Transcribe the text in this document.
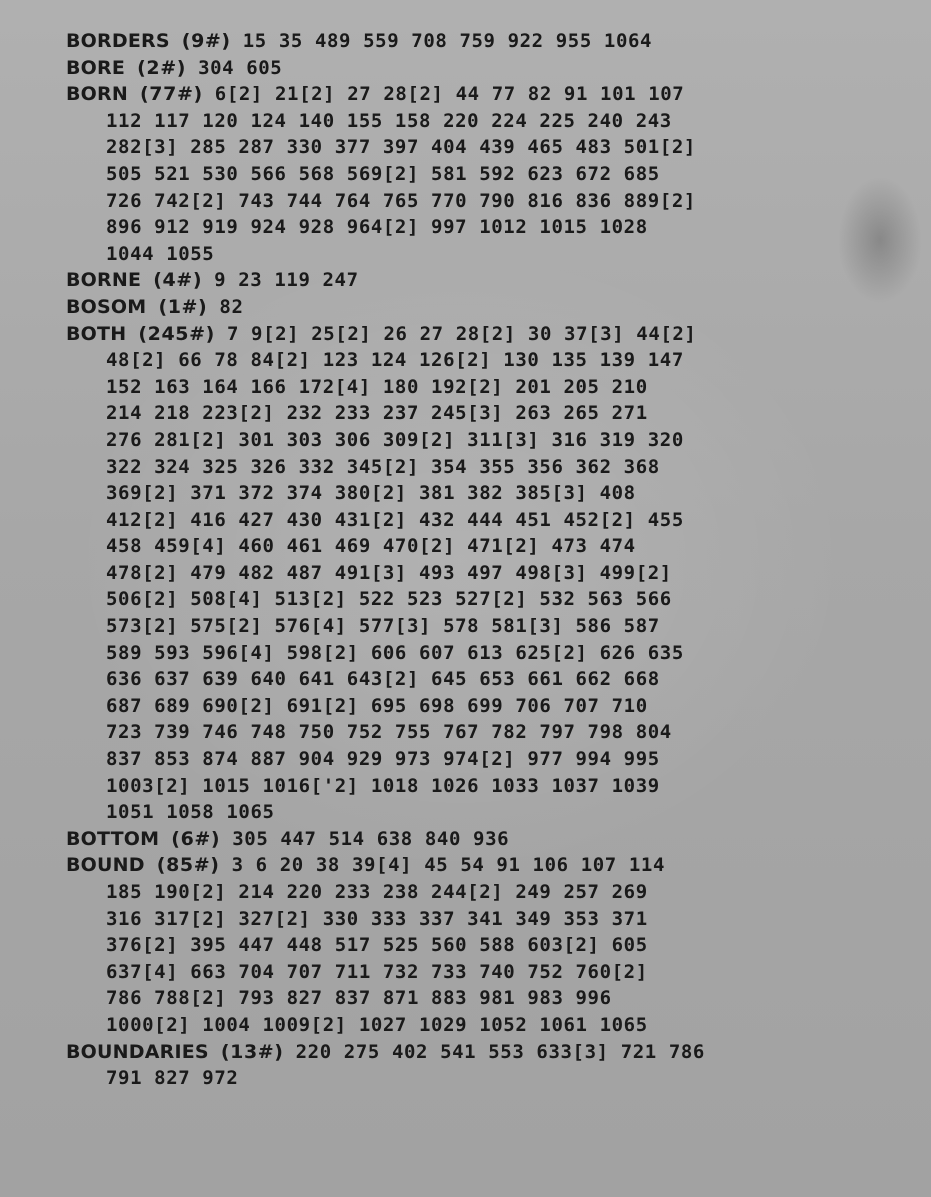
BORDERS (9#) 15 35 489 559 708 759 922 955 1064
BORE (2#) 304 605
BORN (77#) 6[2] 21[2] 27 28[2] 44 77 82 91 101 107
112 117 120 124 140 155 158 220 224 225 240 243
282[3] 285 287 330 377 397 404 439 465 483 501[2]
505 521 530 566 568 569[2] 581 592 623 672 685
726 742[2] 743 744 764 765 770 790 816 836 889[2]
896 912 919 924 928 964[2] 997 1012 1015 1028
1044 1055
BORNE (4#) 9 23 119 247
BOSOM (1#) 82
BOTH (245#) 7 9[2] 25[2] 26 27 28[2] 30 37[3] 44[2]
48[2] 66 78 84[2] 123 124 126[2] 130 135 139 147
152 163 164 166 172[4] 180 192[2] 201 205 210
214 218 223[2] 232 233 237 245[3] 263 265 271
276 281[2] 301 303 306 309[2] 311[3] 316 319 320
322 324 325 326 332 345[2] 354 355 356 362 368
369[2] 371 372 374 380[2] 381 382 385[3] 408
412[2] 416 427 430 431[2] 432 444 451 452[2] 455
458 459[4] 460 461 469 470[2] 471[2] 473 474
478[2] 479 482 487 491[3] 493 497 498[3] 499[2]
506[2] 508[4] 513[2] 522 523 527[2] 532 563 566
573[2] 575[2] 576[4] 577[3] 578 581[3] 586 587
589 593 596[4] 598[2] 606 607 613 625[2] 626 635
636 637 639 640 641 643[2] 645 653 661 662 668
687 689 690[2] 691[2] 695 698 699 706 707 710
723 739 746 748 750 752 755 767 782 797 798 804
837 853 874 887 904 929 973 974[2] 977 994 995
1003[2] 1015 1016['2] 1018 1026 1033 1037 1039
1051 1058 1065
BOTTOM (6#) 305 447 514 638 840 936
BOUND (85#) 3 6 20 38 39[4] 45 54 91 106 107 114
185 190[2] 214 220 233 238 244[2] 249 257 269
316 317[2] 327[2] 330 333 337 341 349 353 371
376[2] 395 447 448 517 525 560 588 603[2] 605
637[4] 663 704 707 711 732 733 740 752 760[2]
786 788[2] 793 827 837 871 883 981 983 996
1000[2] 1004 1009[2] 1027 1029 1052 1061 1065
BOUNDARIES (13#) 220 275 402 541 553 633[3] 721 786
791 827 972
